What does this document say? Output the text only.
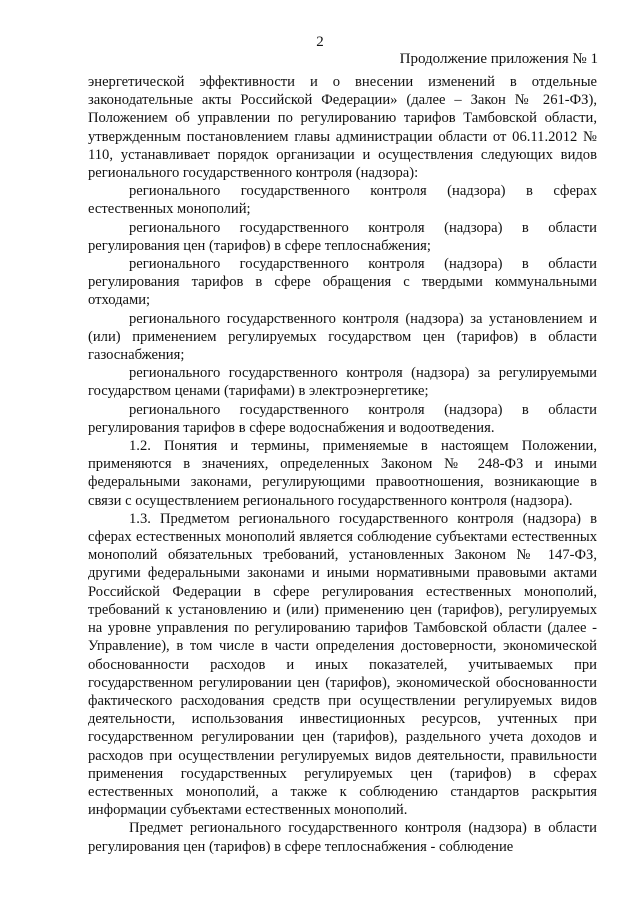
2
Продолжение приложения № 1

энергетической эффективности и о внесении изменений в отдельные законодательные акты Российской Федерации» (далее – Закон № 261-ФЗ), Положением об управлении по регулированию тарифов Тамбовской области, утвержденным постановлением главы администрации области от 06.11.2012 № 110, устанавливает порядок организации и осуществления следующих видов регионального государственного контроля (надзора):

регионального государственного контроля (надзора) в сферах естественных монополий;

регионального государственного контроля (надзора) в области регулирования цен (тарифов) в сфере теплоснабжения;

регионального государственного контроля (надзора) в области регулирования тарифов в сфере обращения с твердыми коммунальными отходами;

регионального государственного контроля (надзора) за установлением и (или) применением регулируемых государством цен (тарифов) в области газоснабжения;

регионального государственного контроля (надзора) за регулируемыми государством ценами (тарифами) в электроэнергетике;

регионального государственного контроля (надзора) в области регулирования тарифов в сфере водоснабжения и водоотведения.

1.2. Понятия и термины, применяемые в настоящем Положении, применяются в значениях, определенных Законом № 248-ФЗ и иными федеральными законами, регулирующими правоотношения, возникающие в связи с осуществлением регионального государственного контроля (надзора).

1.3. Предметом регионального государственного контроля (надзора) в сферах естественных монополий является соблюдение субъектами естественных монополий обязательных требований, установленных Законом № 147-ФЗ, другими федеральными законами и иными нормативными правовыми актами Российской Федерации в сфере регулирования естественных монополий, требований к установлению и (или) применению цен (тарифов), регулируемых на уровне управления по регулированию тарифов Тамбовской области (далее - Управление), в том числе в части определения достоверности, экономической обоснованности расходов и иных показателей, учитываемых при государственном регулировании цен (тарифов), экономической обоснованности фактического расходования средств при осуществлении регулируемых видов деятельности, использования инвестиционных ресурсов, учтенных при государственном регулировании цен (тарифов), раздельного учета доходов и расходов при осуществлении регулируемых видов деятельности, правильности применения государственных регулируемых цен (тарифов) в сферах естественных монополий, а также к соблюдению стандартов раскрытия информации субъектами естественных монополий.

Предмет регионального государственного контроля (надзора) в области регулирования цен (тарифов) в сфере теплоснабжения - соблюдение
